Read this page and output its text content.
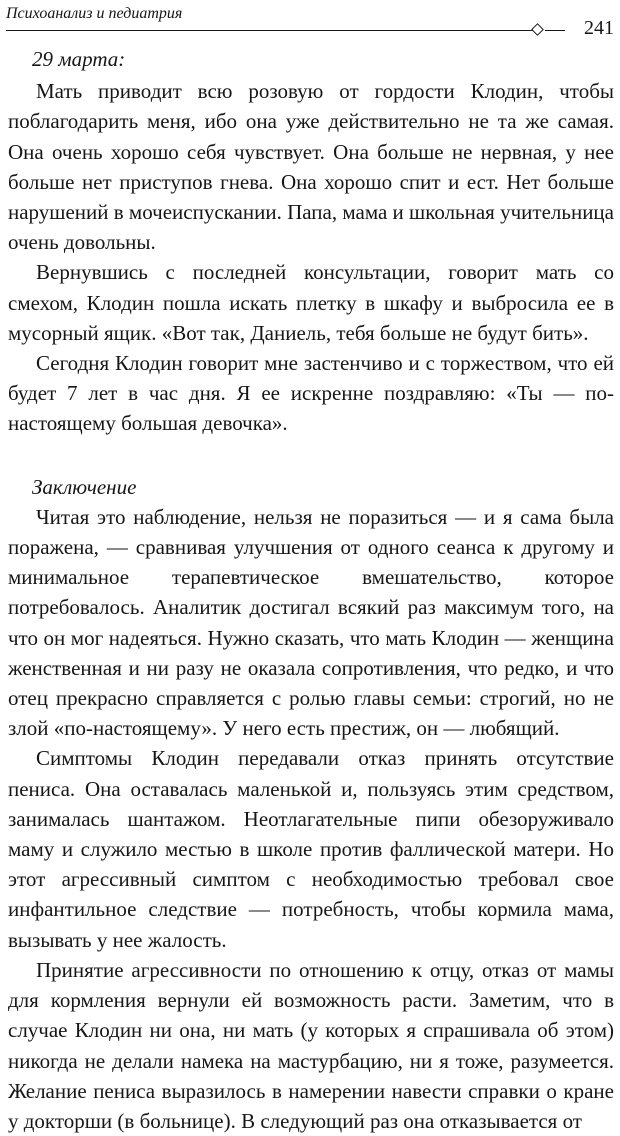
Психоанализ и педиатрия
241

29 марта:

Мать приводит всю розовую от гордости Клодин, чтобы поблагодарить меня, ибо она уже действительно не та же самая. Она очень хорошо себя чувствует. Она больше не нервная, у нее больше нет приступов гнева. Она хорошо спит и ест. Нет больше нарушений в мочеиспускании. Папа, мама и школьная учительница очень довольны.

Вернувшись с последней консультации, говорит мать со смехом, Клодин пошла искать плетку в шкафу и выбросила ее в мусорный ящик. «Вот так, Даниель, тебя больше не будут бить».

Сегодня Клодин говорит мне застенчиво и с торжеством, что ей будет 7 лет в час дня. Я ее искренне поздравляю: «Ты — по-настоящему большая девочка».

Заключение

Читая это наблюдение, нельзя не поразиться — и я сама была поражена, — сравнивая улучшения от одного сеанса к другому и минимальное терапевтическое вмешательство, которое потребовалось. Аналитик достигал всякий раз максимум того, на что он мог надеяться. Нужно сказать, что мать Клодин — женщина женственная и ни разу не оказала сопротивления, что редко, и что отец прекрасно справляется с ролью главы семьи: строгий, но не злой «по-настоящему». У него есть престиж, он — любящий.

Симптомы Клодин передавали отказ принять отсутствие пениса. Она оставалась маленькой и, пользуясь этим средством, занималась шантажом. Неотлагательные пипи обезоруживало маму и служило местью в школе против фаллической матери. Но этот агрессивный симптом с необходимостью требовал свое инфантильное следствие — потребность, чтобы кормила мама, вызывать у нее жалость.

Принятие агрессивности по отношению к отцу, отказ от мамы для кормления вернули ей возможность расти. Заметим, что в случае Клодин ни она, ни мать (у которых я спрашивала об этом) никогда не делали намека на мастурбацию, ни я тоже, разумеется. Желание пениса выразилось в намерении навести справки о кране у докторши (в больнице). В следующий раз она отказывается от
